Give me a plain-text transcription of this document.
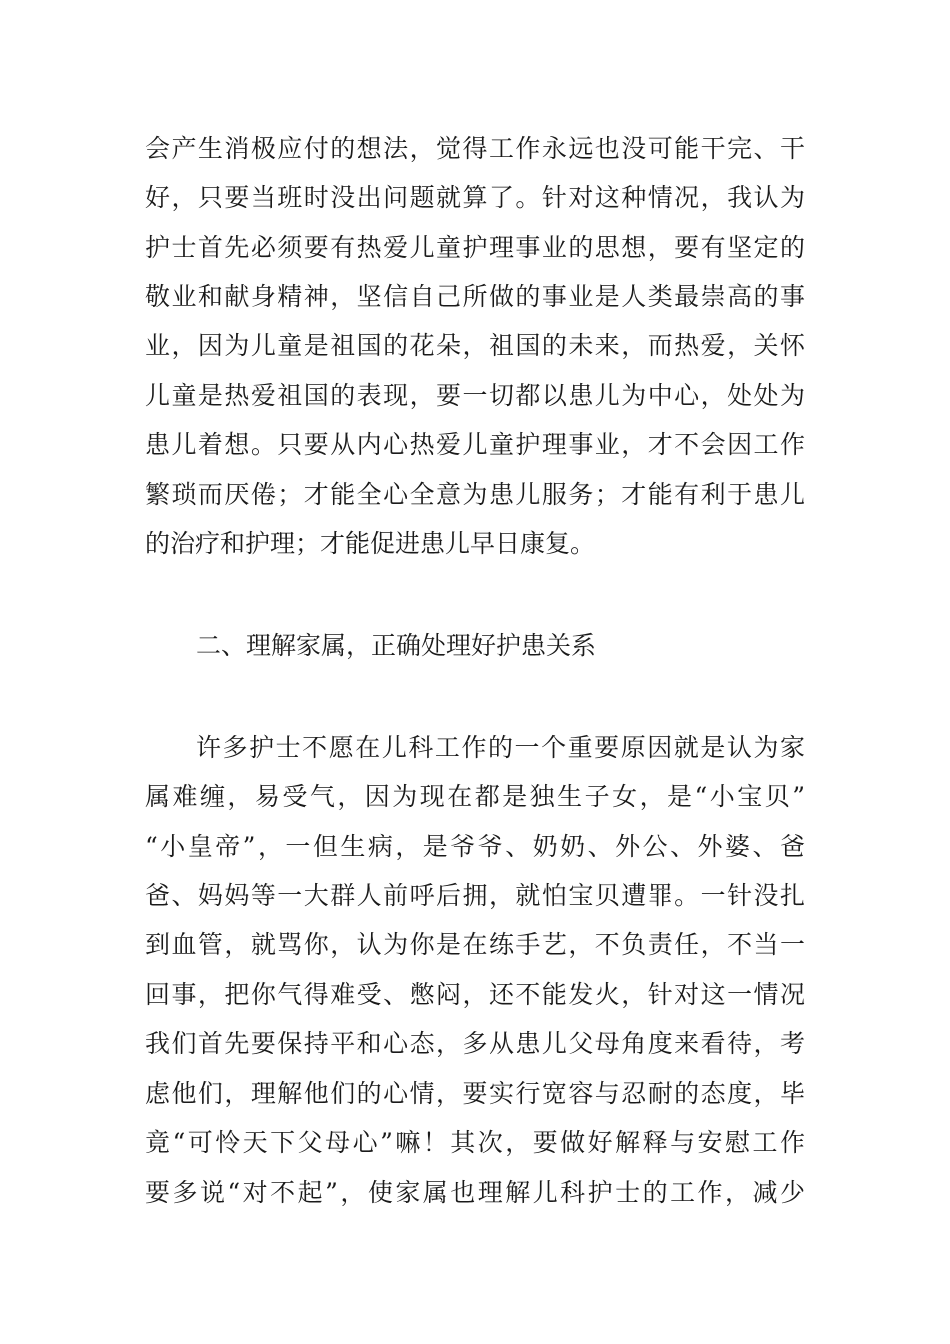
会产生消极应付的想法，觉得工作永远也没可能干完、干
好，只要当班时没出问题就算了。针对这种情况，我认为
护士首先必须要有热爱儿童护理事业的思想，要有坚定的
敬业和献身精神，坚信自己所做的事业是人类最崇高的事
业，因为儿童是祖国的花朵，祖国的未来，而热爱，关怀
儿童是热爱祖国的表现，要一切都以患儿为中心，处处为
患儿着想。只要从内心热爱儿童护理事业，才不会因工作
繁琐而厌倦；才能全心全意为患儿服务；才能有利于患儿
的治疗和护理；才能促进患儿早日康复。
二、理解家属，正确处理好护患关系
许多护士不愿在儿科工作的一个重要原因就是认为家
属难缠，易受气，因为现在都是独生子女，是“小宝贝”
“小皇帝”，一但生病，是爷爷、奶奶、外公、外婆、爸
爸、妈妈等一大群人前呼后拥，就怕宝贝遭罪。一针没扎
到血管，就骂你，认为你是在练手艺，不负责任，不当一
回事，把你气得难受、憋闷，还不能发火，针对这一情况
我们首先要保持平和心态，多从患儿父母角度来看待，考
虑他们，理解他们的心情，要实行宽容与忍耐的态度，毕
竟“可怜天下父母心”嘛！其次，要做好解释与安慰工作
要多说“对不起”，使家属也理解儿科护士的工作，减少
